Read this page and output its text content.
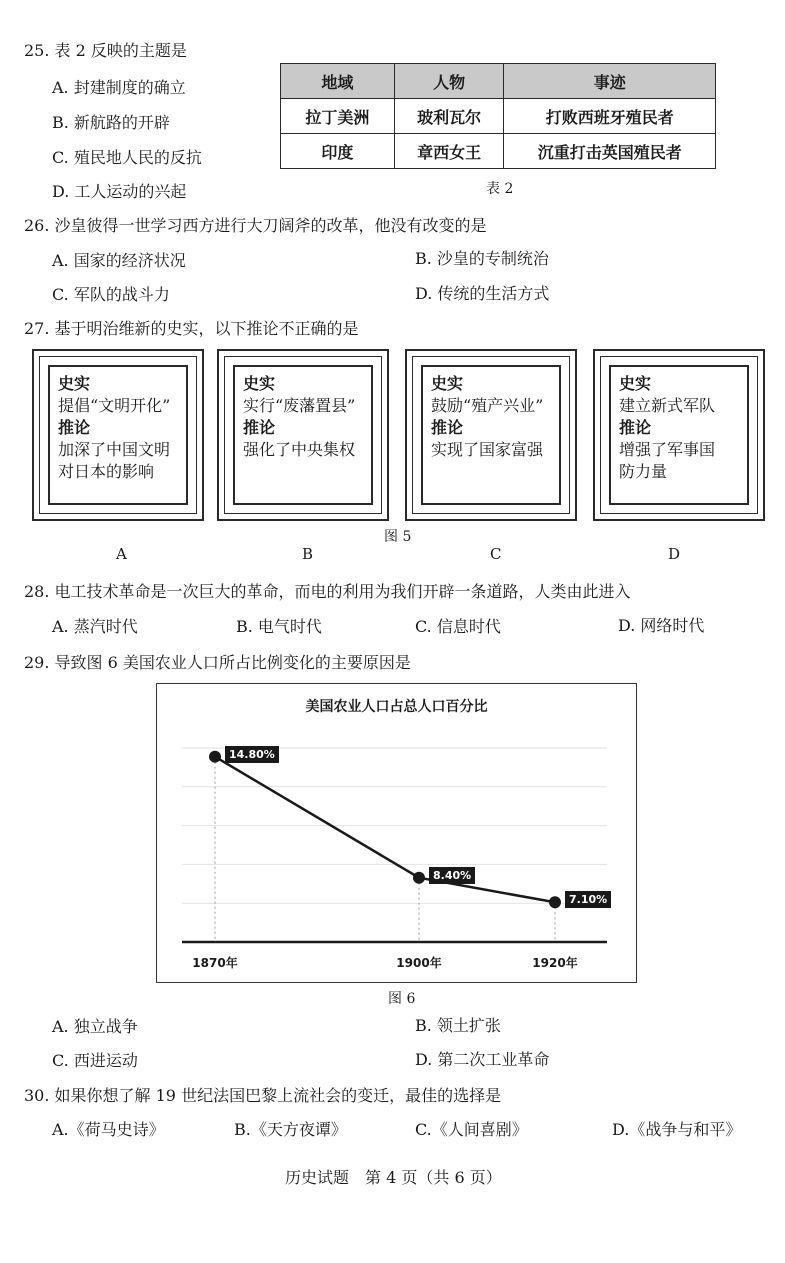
25. 表 2 反映的主题是
A. 封建制度的确立
B. 新航路的开辟
C. 殖民地人民的反抗
D. 工人运动的兴起
地域	人物	事迹
拉丁美洲	玻利瓦尔	打败西班牙殖民者
印度	章西女王	沉重打击英国殖民者
表 2
26. 沙皇彼得一世学习西方进行大刀阔斧的改革，他没有改变的是
A. 国家的经济状况	B. 沙皇的专制统治
C. 军队的战斗力	D. 传统的生活方式
27. 基于明治维新的史实，以下推论不正确的是
史实
提倡“文明开化”
推论
加深了中国文明
对日本的影响
史实
实行“废藩置县”
推论
强化了中央集权
史实
鼓励“殖产兴业”
推论
实现了国家富强
史实
建立新式军队
推论
增强了军事国
防力量
图 5
A	B	C	D
28. 电工技术革命是一次巨大的革命，而电的利用为我们开辟一条道路，人类由此进入
A. 蒸汽时代	B. 电气时代	C. 信息时代	D. 网络时代
29. 导致图 6 美国农业人口所占比例变化的主要原因是
美国农业人口占总人口百分比
14.80%
8.40%
7.10%
1870年	1900年	1920年
图 6
A. 独立战争	B. 领土扩张
C. 西进运动	D. 第二次工业革命
30. 如果你想了解 19 世纪法国巴黎上流社会的变迁，最佳的选择是
A.《荷马史诗》	B.《天方夜谭》	C.《人间喜剧》	D.《战争与和平》
历史试题　第 4 页（共 6 页）
